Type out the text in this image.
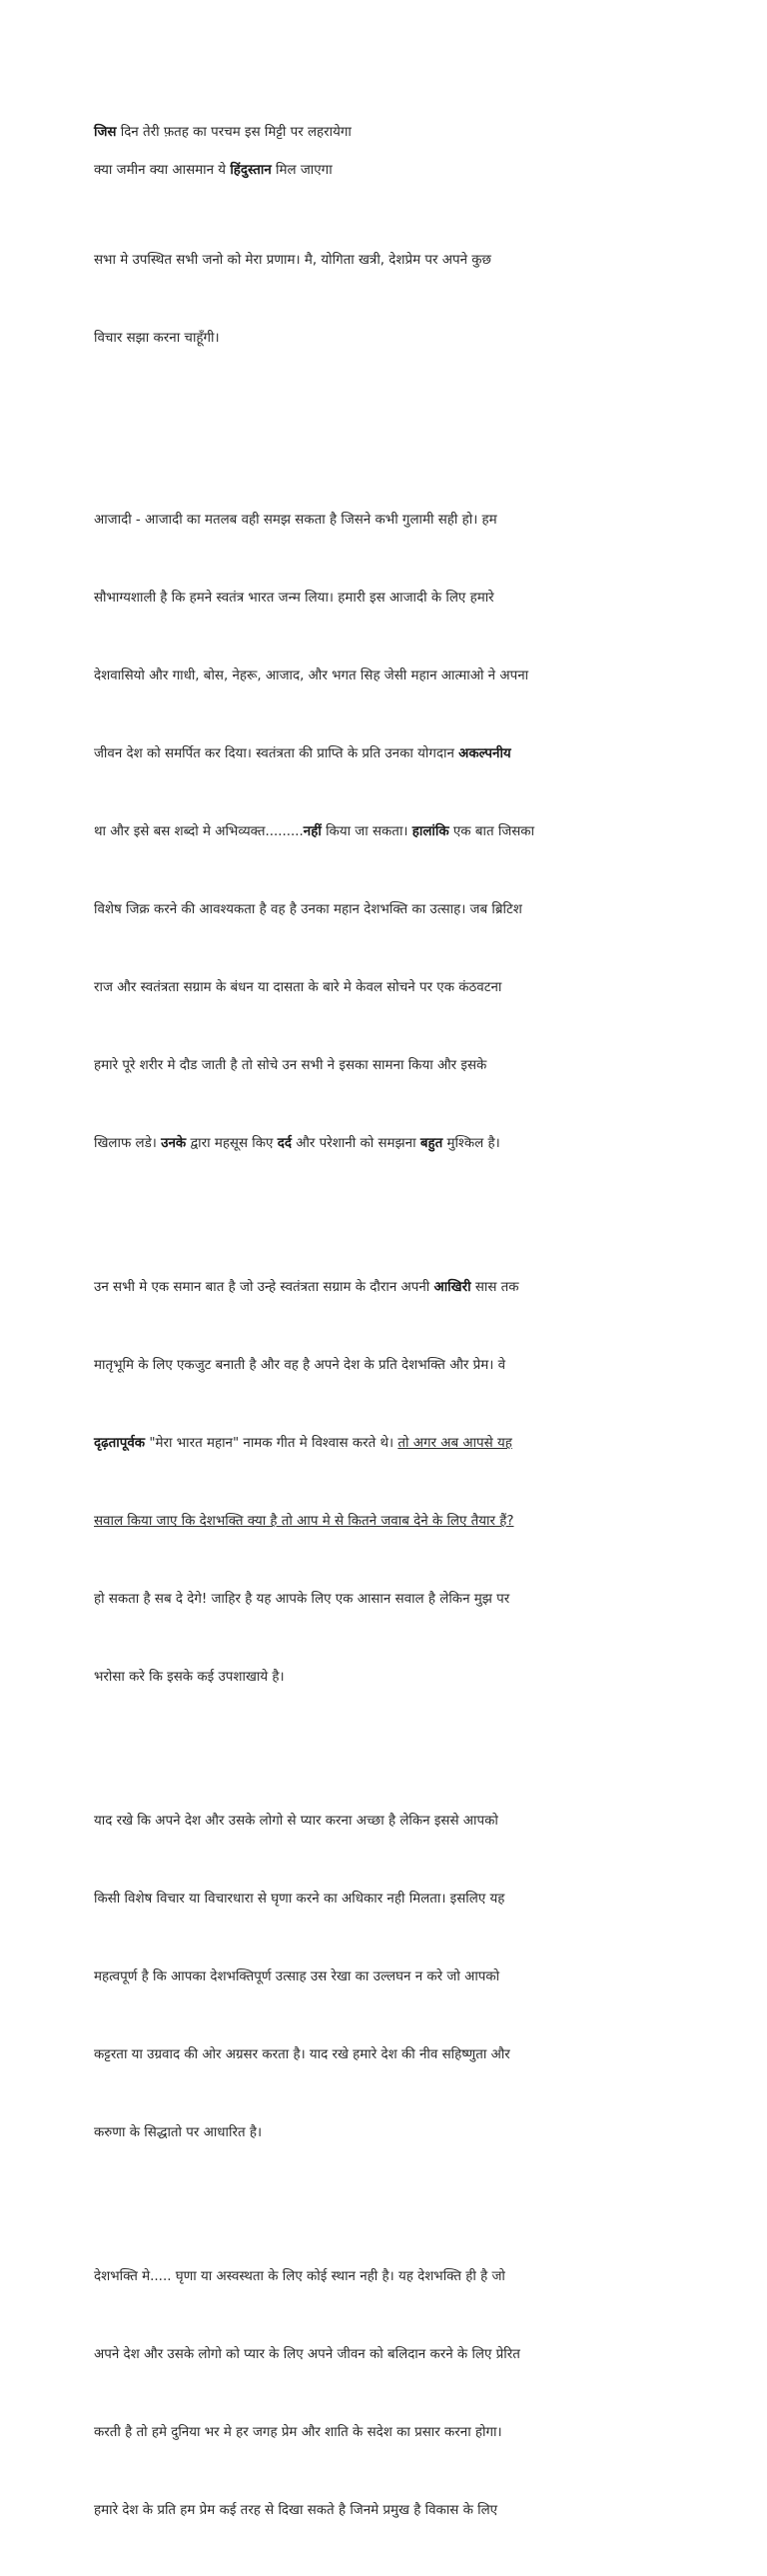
जिस दिन तेरी फ़तह का परचम इस मिट्टी पर लहरायेगा

क्या जमीन क्या आसमान ये हिंदुस्तान मिल जाएगा

सभा मे उपस्थित सभी जनो को मेरा प्रणाम। मै, योगिता खत्री, देशप्रेम पर अपने कुछ

विचार सझा करना चाहूँगी।

आजादी - आजादी का मतलब वही समझ सकता है जिसने कभी गुलामी सही हो। हम

सौभाग्यशाली है कि हमने स्वतंत्र भारत जन्म लिया। हमारी इस आजादी के लिए हमारे

देशवासियो और गाधी, बोस, नेहरू, आजाद, और भगत सिह जेसी महान आत्माओ ने अपना

जीवन देश को समर्पित कर दिया। स्वतंत्रता की प्राप्ति के प्रति उनका योगदान अकल्पनीय

था और इसे बस शब्दो मे अभिव्यक्त.........नहीं किया जा सकता। हालांकि एक बात जिसका

विशेष जिक्र करने की आवश्यकता है वह है उनका महान देशभक्ति का उत्साह। जब ब्रिटिश

राज और स्वतंत्रता सग्राम के बंधन या दासता के बारे मे केवल सोचने पर एक कंठवटना

हमारे पूरे शरीर मे दौड जाती है तो सोचे उन सभी ने इसका सामना किया और इसके

खिलाफ लडे। उनके द्वारा महसूस किए दर्द और परेशानी को समझना बहुत मुश्किल है।

उन सभी मे एक समान बात है जो उन्हे स्वतंत्रता सग्राम के दौरान अपनी आखिरी सास तक

मातृभूमि के लिए एकजुट बनाती है और वह है अपने देश के प्रति देशभक्ति और प्रेम। वे

दृढ़तापूर्वक "मेरा भारत महान" नामक गीत मे विश्वास करते थे। तो अगर अब आपसे यह

सवाल किया जाए कि देशभक्ति क्या है तो आप मे से कितने जवाब देने के लिए तैयार हैं?

हो सकता है सब दे देगे! जाहिर है यह आपके लिए एक आसान सवाल है लेकिन मुझ पर

भरोसा करे कि इसके कई उपशाखाये है।

याद रखे कि अपने देश और उसके लोगो से प्यार करना अच्छा है लेकिन इससे आपको

किसी विशेष विचार या विचारधारा से घृणा करने का अधिकार नही मिलता। इसलिए यह

महत्वपूर्ण है कि आपका देशभक्तिपूर्ण उत्साह उस रेखा का उल्लघन न करे जो आपको

कट्टरता या उग्रवाद की ओर अग्रसर करता है। याद रखे हमारे देश की नीव सहिष्णुता और

करुणा के सिद्धातो पर आधारित है।

देशभक्ति मे..... घृणा या अस्वस्थता के लिए कोई स्थान नही है। यह देशभक्ति ही है जो

अपने देश और उसके लोगो को प्यार के लिए अपने जीवन को बलिदान करने के लिए प्रेरित

करती है तो हमे दुनिया भर मे हर जगह प्रेम और शाति के सदेश का प्रसार करना होगा।

हमारे देश के प्रति हम प्रेम कई तरह से दिखा सकते है जिनमे प्रमुख है विकास के लिए
